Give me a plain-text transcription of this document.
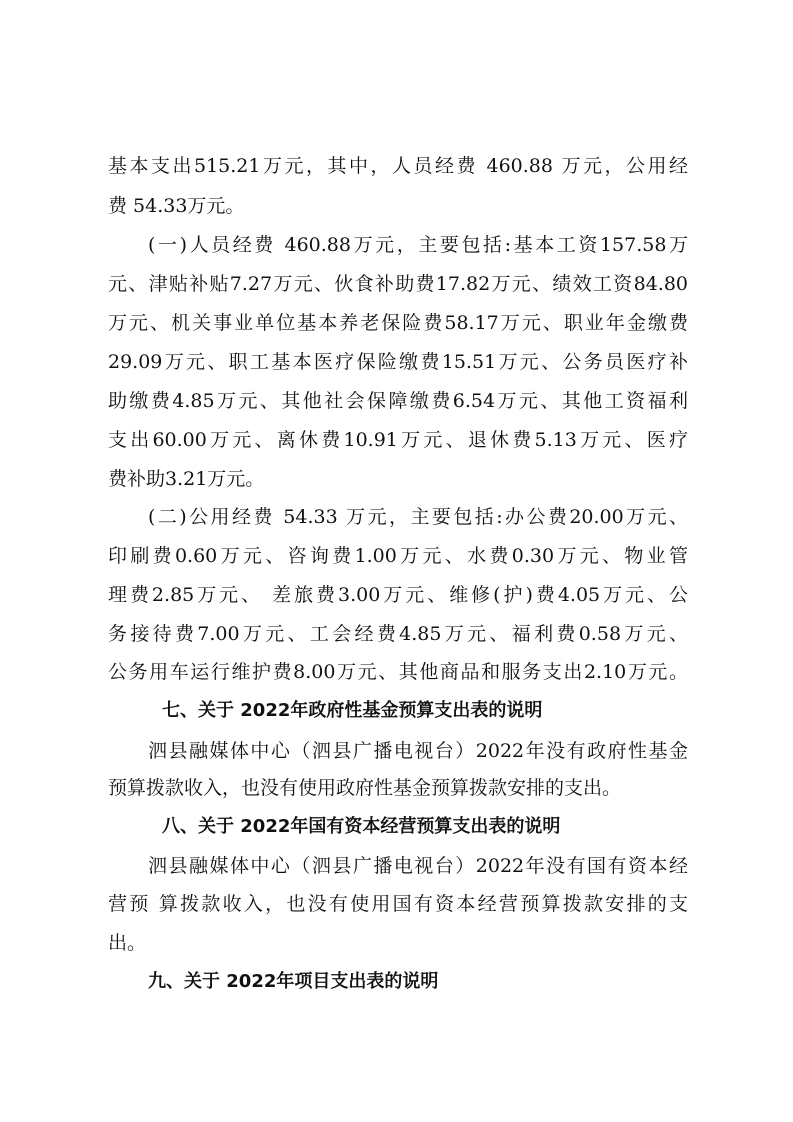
基本支出515.21万元，其中，人员经费 460.88 万元，公用经
费 54.33万元。
(一)人员经费 460.88万元，主要包括:基本工资157.58万
元、津贴补贴7.27万元、伙食补助费17.82万元、绩效工资84.80
万元、机关事业单位基本养老保险费58.17万元、职业年金缴费
29.09万元、职工基本医疗保险缴费15.51万元、公务员医疗补
助缴费4.85万元、其他社会保障缴费6.54万元、其他工资福利
支出60.00万元、离休费10.91万元、退休费5.13万元、医疗
费补助3.21万元。
(二)公用经费 54.33 万元，主要包括:办公费20.00万元、
印刷费0.60万元、咨询费1.00万元、水费0.30万元、物业管
理费2.85万元、 差旅费3.00万元、维修(护)费4.05万元、公
务接待费7.00万元、工会经费4.85万元、福利费0.58万元、
公务用车运行维护费8.00万元、其他商品和服务支出2.10万元。
七、关于 2022年政府性基金预算支出表的说明
泗县融媒体中心（泗县广播电视台）2022年没有政府性基金
预算拨款收入，也没有使用政府性基金预算拨款安排的支出。
八、关于 2022年国有资本经营预算支出表的说明
泗县融媒体中心（泗县广播电视台）2022年没有国有资本经
营预 算拨款收入，也没有使用国有资本经营预算拨款安排的支
出。
九、关于 2022年项目支出表的说明
